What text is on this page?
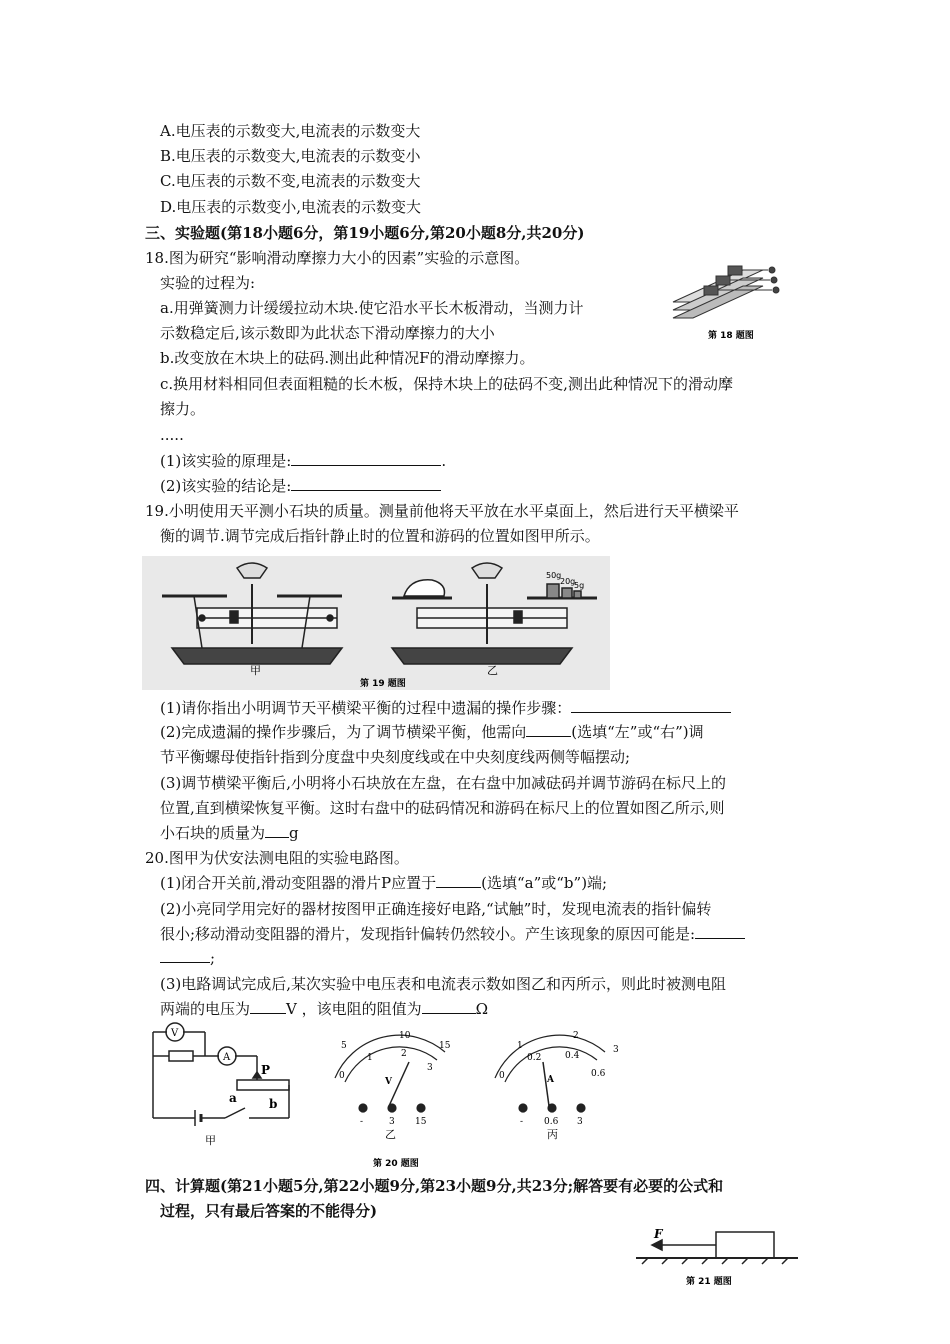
A.电压表的示数变大,电流表的示数变大
B.电压表的示数变大,电流表的示数变小
C.电压表的示数不变,电流表的示数变大
D.电压表的示数变小,电流表的示数变大
三、实验题(第18小题6分，第19小题6分,第20小题8分,共20分)
18.图为研究“影响滑动摩擦力大小的因素”实验的示意图。
实验的过程为:
a.用弹簧测力计缓缓拉动木块.使它沿水平长木板滑动，当测力计
示数稳定后,该示数即为此状态下滑动摩擦力的大小
b.改变放在木块上的砝码.测出此种情况F的滑动摩擦力。
c.换用材料相同但表面粗糙的长木板，保持木块上的砝码不变,测出此种情况下的滑动摩
擦力。
.....
(1)该实验的原理是:	.
(2)该实验的结论是:
第 18 题图
19.小明使用天平测小石块的质量。测量前他将天平放在水平桌面上，然后进行天平横梁平
衡的调节.调节完成后指针静止时的位置和游码的位置如图甲所示。
50g
20g
5g
甲	乙
第 19 题图
(1)请你指出小明调节天平横梁平衡的过程中遗漏的操作步骤：
(2)完成遗漏的操作步骤后，为了调节横梁平衡，他需向	(选填“左”或“右”)调
节平衡螺母使指针指到分度盘中央刻度线或在中央刻度线两侧等幅摆动;
(3)调节横梁平衡后,小明将小石块放在左盘，在右盘中加减砝码并调节游码在标尺上的
位置,直到横梁恢复平衡。这时右盘中的砝码情况和游码在标尺上的位置如图乙所示,则
小石块的质量为 g
20.图甲为伏安法测电阻的实验电路图。
(1)闭合开关前,滑动变阻器的滑片P应置于	(选填“a”或“b”)端;
(2)小亮同学用完好的器材按图甲正确连接好电路,“试触”时，发现电流表的指针偏转
很小;移动滑动变阻器的滑片，发现指针偏转仍然较小。产生该现象的原因可能是:
;
(3)电路调试完成后,某次实验中电压表和电流表示数如图乙和丙所示，则此时被测电阻
两端的电压为 V ，该电阻的阻值为	Ω
V
A
P
a	b
甲
5
10
15
0
1	2
3
V
-	3 15
乙
1
2
3
0
0.2	0.4
0.6
A
- 0.6 3
丙
第 20 题图
四、计算题(第21小题5分,第22小题9分,第23小题9分,共23分;解答要有必要的公式和
过程，只有最后答案的不能得分)
F
第 21 题图
